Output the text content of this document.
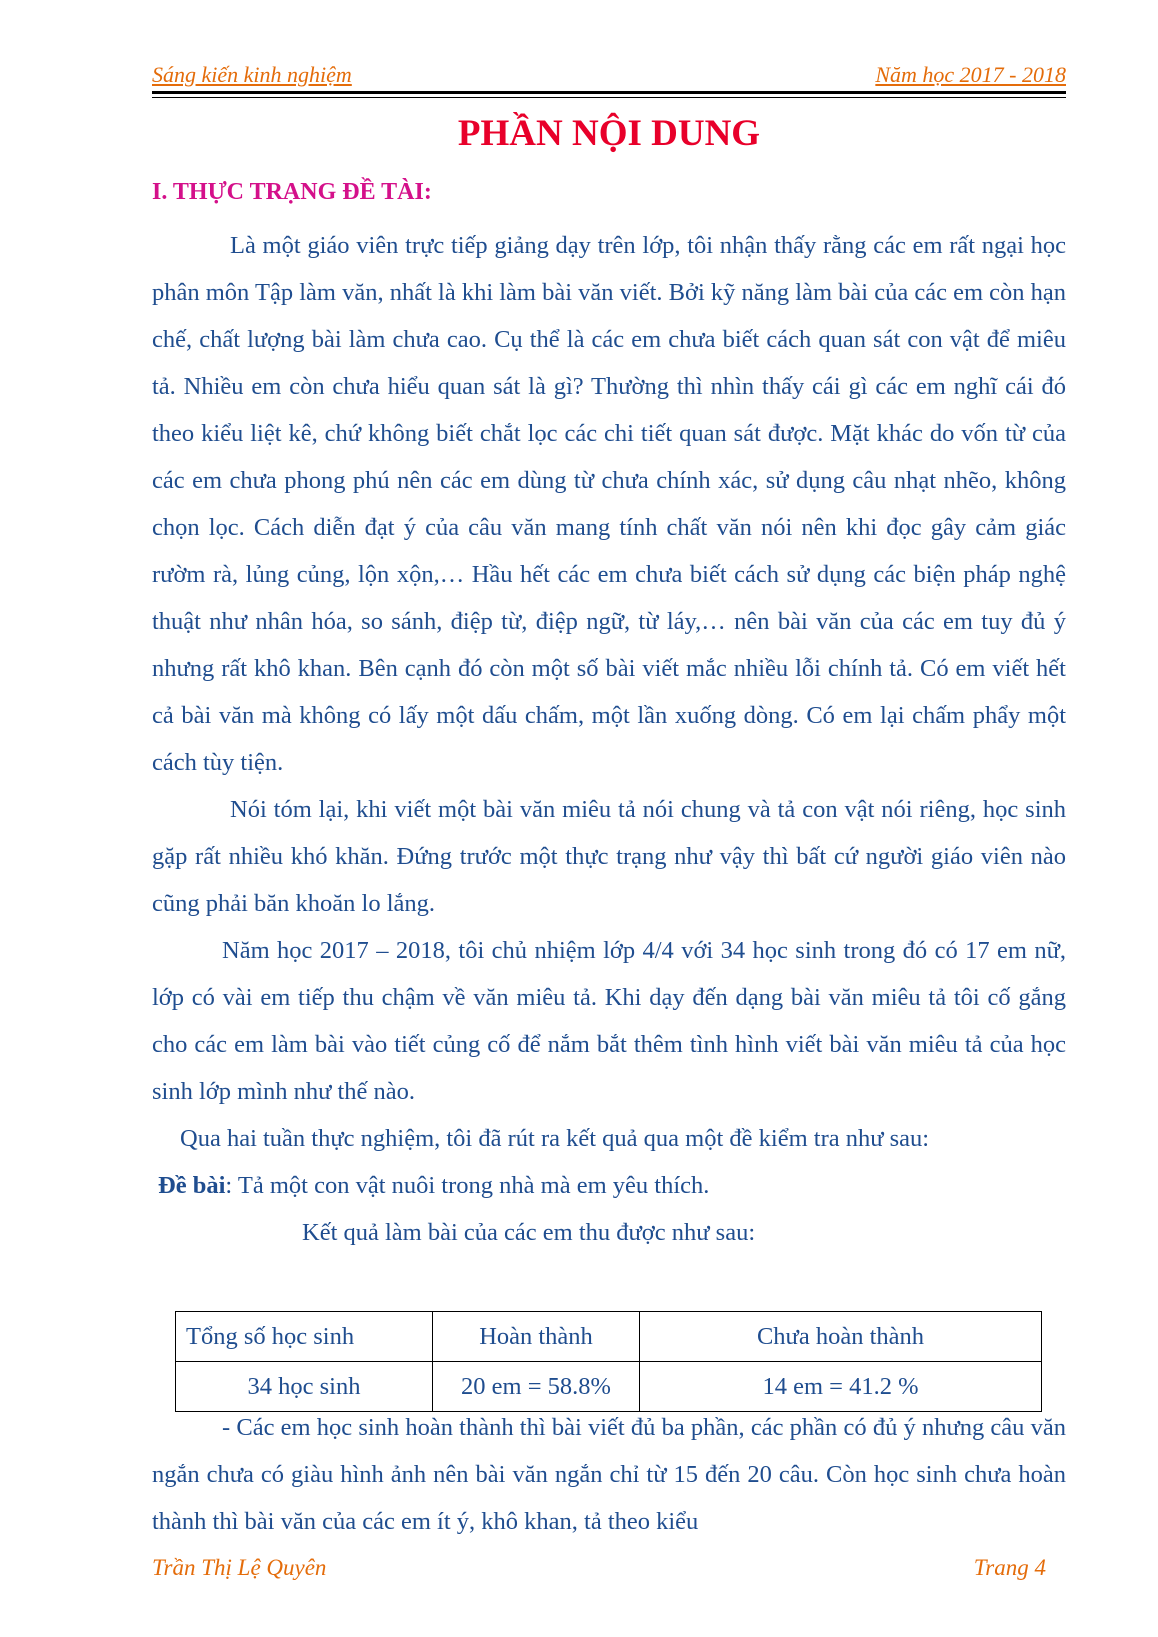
Sáng kiến kinh nghiệm	Năm học 2017 - 2018
PHẦN NỘI DUNG
I. THỰC TRẠNG ĐỀ TÀI:

Là một giáo viên trực tiếp giảng dạy trên lớp, tôi nhận thấy rằng các em rất ngại học phân môn Tập làm văn, nhất là khi làm bài văn viết. Bởi kỹ năng làm bài của các em còn hạn chế, chất lượng bài làm chưa cao. Cụ thể là các em chưa biết cách quan sát con vật để miêu tả. Nhiều em còn chưa hiểu quan sát là gì? Thường thì nhìn thấy cái gì các em nghĩ cái đó theo kiểu liệt kê, chứ không biết chắt lọc các chi tiết quan sát được. Mặt khác do vốn từ của các em chưa phong phú nên các em dùng từ chưa chính xác, sử dụng câu nhạt nhẽo, không chọn lọc. Cách diễn đạt ý của câu văn mang tính chất văn nói nên khi đọc gây cảm giác rườm rà, lủng củng, lộn xộn,… Hầu hết các em chưa biết cách sử dụng các biện pháp nghệ thuật như nhân hóa, so sánh, điệp từ, điệp ngữ, từ láy,… nên bài văn của các em tuy đủ ý nhưng rất khô khan. Bên cạnh đó còn một số bài viết mắc nhiều lỗi chính tả. Có em viết hết cả bài văn mà không có lấy một dấu chấm, một lần xuống dòng. Có em lại chấm phẩy một cách tùy tiện.

Nói tóm lại, khi viết một bài văn miêu tả nói chung và tả con vật nói riêng, học sinh gặp rất nhiều khó khăn. Đứng trước một thực trạng như vậy thì bất cứ người giáo viên nào cũng phải băn khoăn lo lắng.

Năm học 2017 – 2018, tôi chủ nhiệm lớp 4/4 với 34 học sinh trong đó có 17 em nữ, lớp có vài em tiếp thu chậm về văn miêu tả. Khi dạy đến dạng bài văn miêu tả tôi cố gắng cho các em làm bài vào tiết củng cố để nắm bắt thêm tình hình viết bài văn miêu tả của học sinh lớp mình như thế nào.

Qua hai tuần thực nghiệm, tôi đã rút ra kết quả qua một đề kiểm tra như sau:

Đề bài: Tả một con vật nuôi trong nhà mà em yêu thích.

Kết quả làm bài của các em thu được như sau:

Tổng số học sinh	Hoàn thành	Chưa hoàn thành
34 học sinh	20 em = 58.8%	14 em = 41.2 %

- Các em học sinh hoàn thành thì bài viết đủ ba phần, các phần có đủ ý nhưng câu văn ngắn chưa có giàu hình ảnh nên bài văn ngắn chỉ từ 15 đến 20 câu. Còn học sinh chưa hoàn thành thì bài văn của các em ít ý, khô khan, tả theo kiểu

Trần Thị Lệ Quyên	Trang 4
